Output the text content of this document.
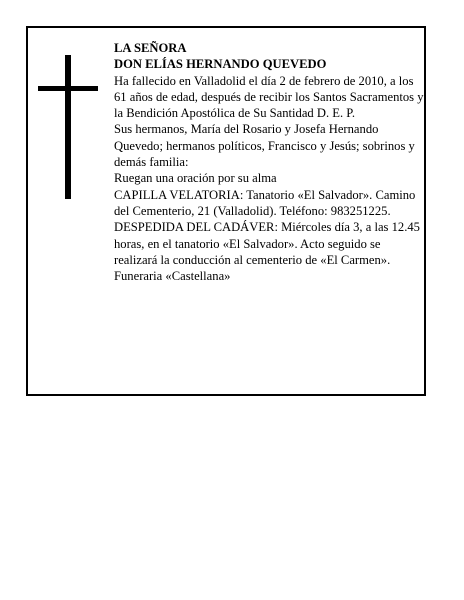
LA SEÑORA

DON ELÍAS HERNANDO QUEVEDO

Ha fallecido en Valladolid el día 2 de febrero de 2010, a los 61 años de edad, después de recibir los Santos Sacramentos y la Bendición Apostólica de Su Santidad D. E. P.

Sus hermanos, María del Rosario y Josefa Hernando Quevedo; hermanos políticos, Francisco y Jesús; sobrinos y demás familia:

Ruegan una oración por su alma

CAPILLA VELATORIA: Tanatorio «El Salvador». Camino del Cementerio, 21 (Valladolid). Teléfono: 983251225.

DESPEDIDA DEL CADÁVER: Miércoles día 3, a las 12.45 horas, en el tanatorio «El Salvador». Acto seguido se realizará la conducción al cementerio de «El Carmen».

Funeraria «Castellana»
